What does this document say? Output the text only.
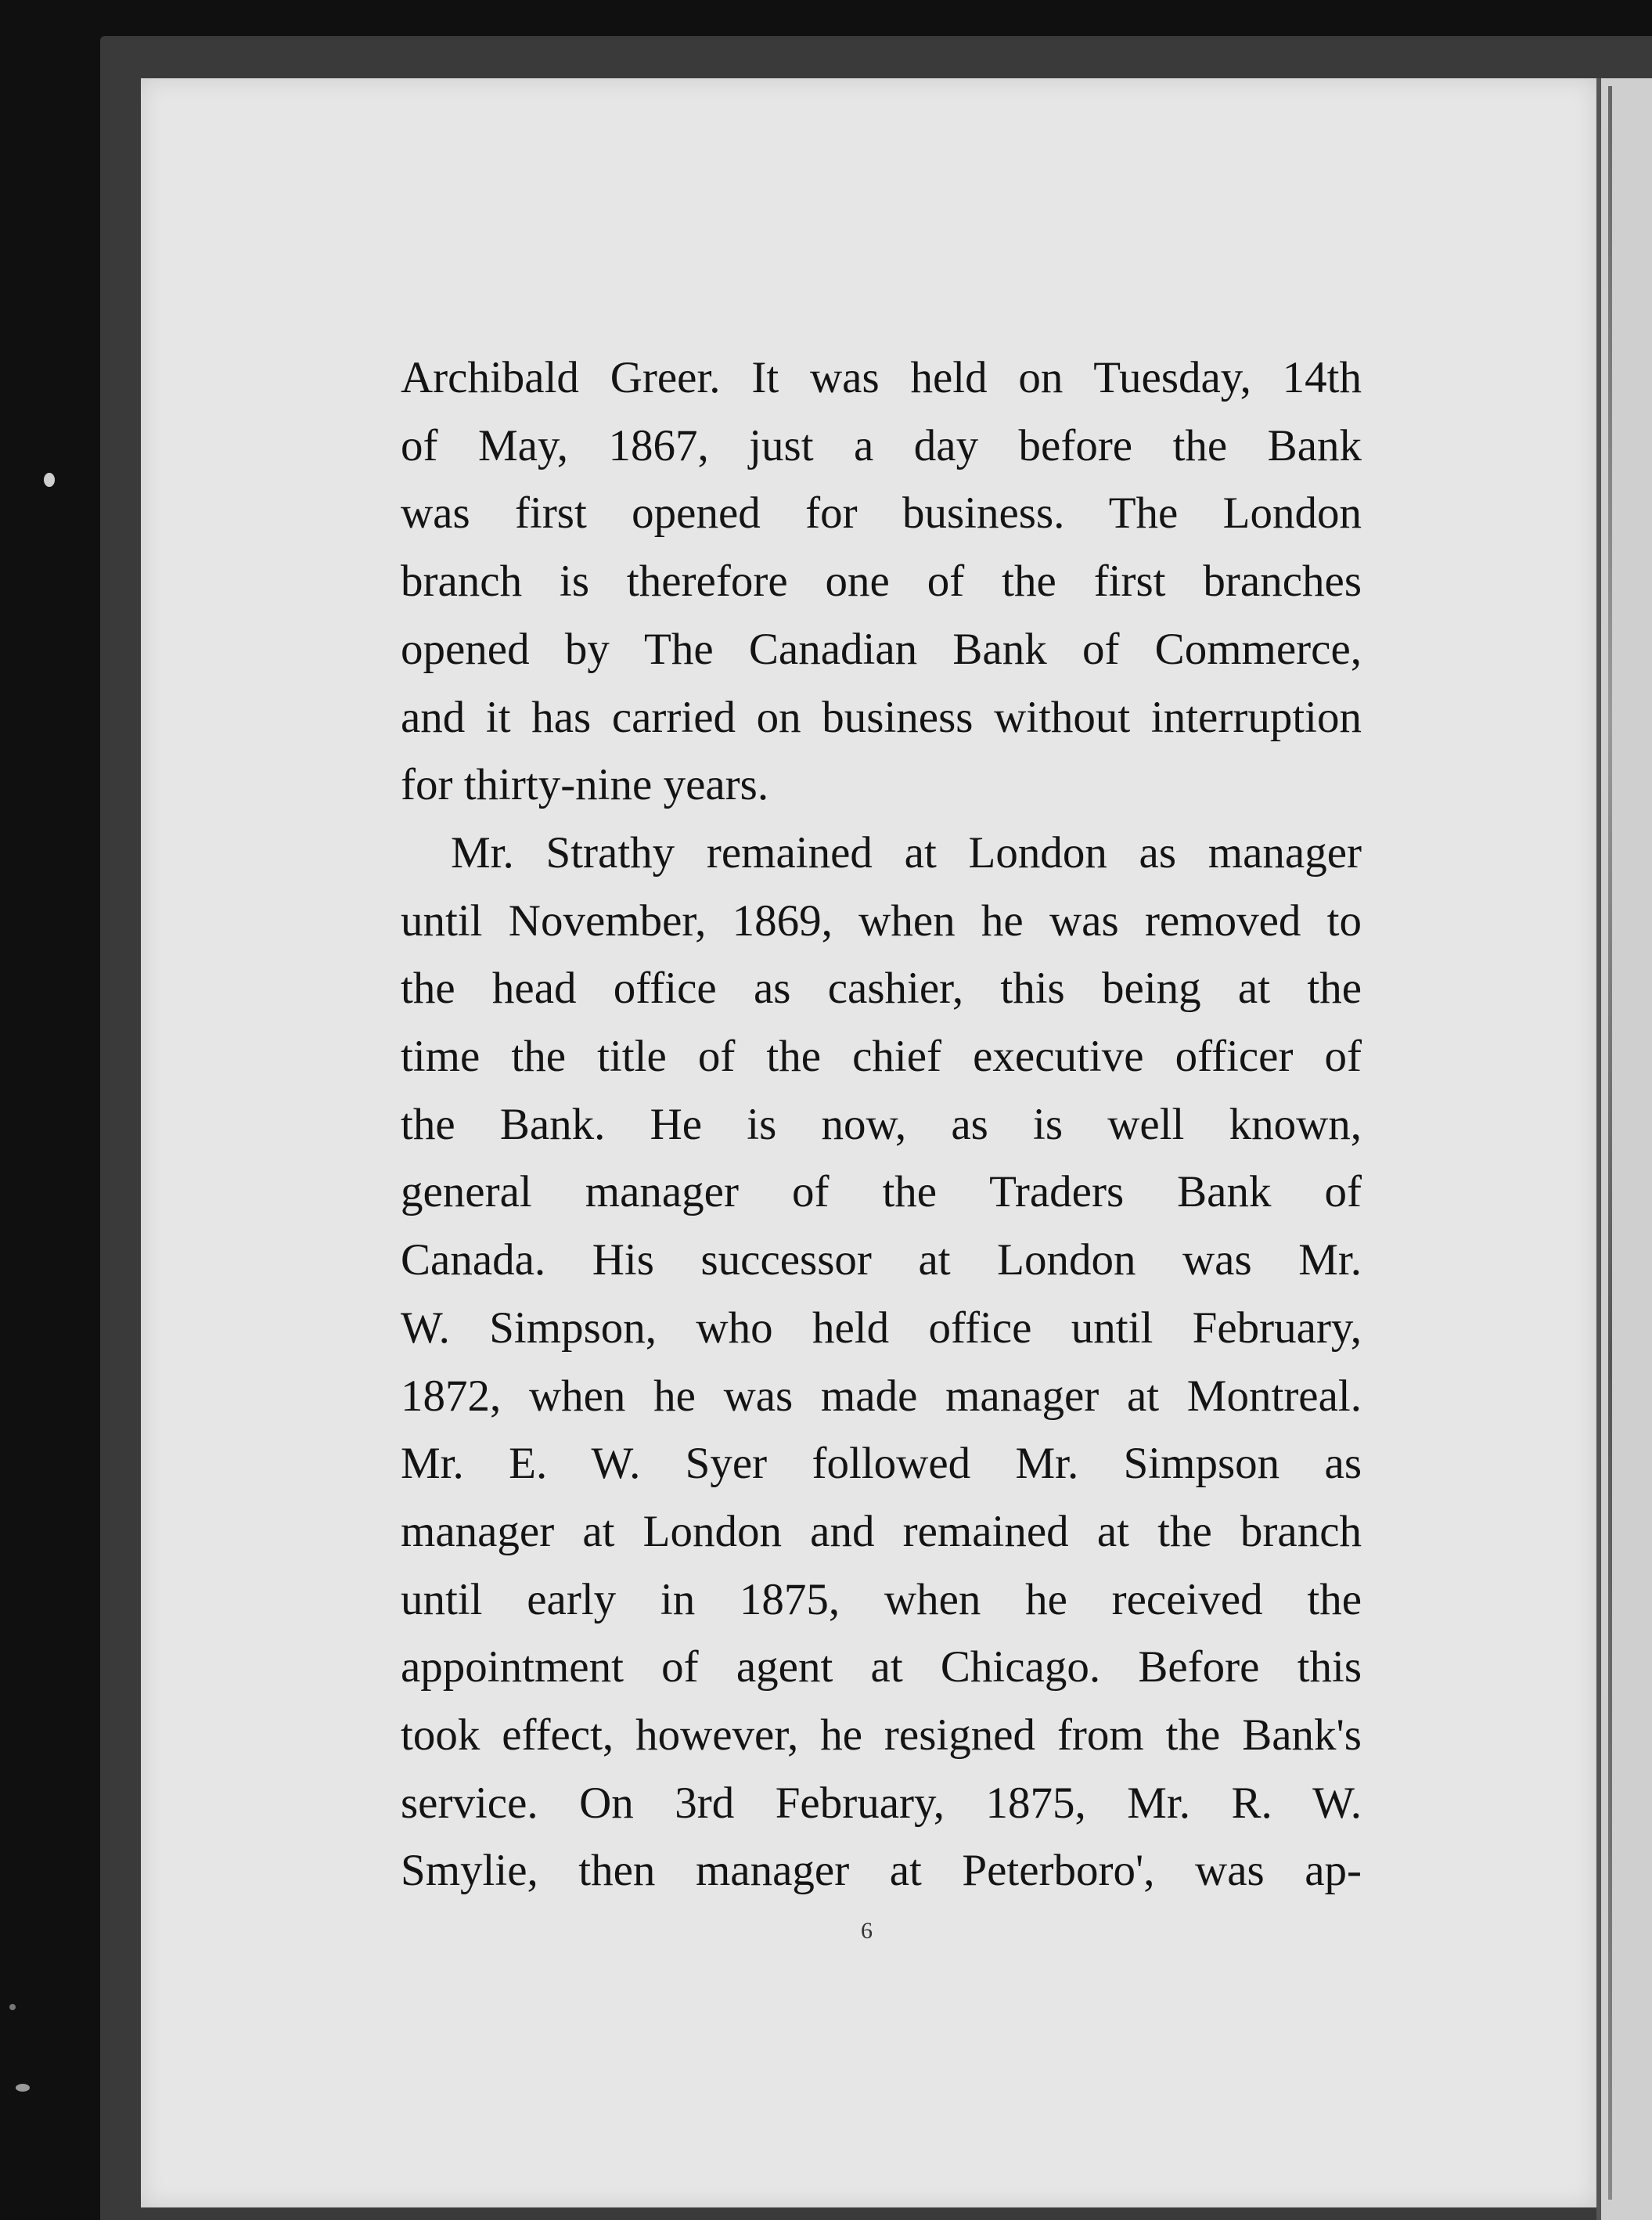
Archibald Greer. It was held on Tuesday, 14th
of May, 1867, just a day before the Bank
was first opened for business. The London
branch is therefore one of the first branches
opened by The Canadian Bank of Commerce,
and it has carried on business without interruption
for thirty-nine years.
Mr. Strathy remained at London as manager
until November, 1869, when he was removed to
the head office as cashier, this being at the
time the title of the chief executive officer of
the Bank. He is now, as is well known,
general manager of the Traders Bank of
Canada. His successor at London was Mr.
W. Simpson, who held office until February,
1872, when he was made manager at Montreal.
Mr. E. W. Syer followed Mr. Simpson as
manager at London and remained at the branch
until early in 1875, when he received the
appointment of agent at Chicago. Before this
took effect, however, he resigned from the Bank's
service. On 3rd February, 1875, Mr. R. W.
Smylie, then manager at Peterboro', was ap-
6
